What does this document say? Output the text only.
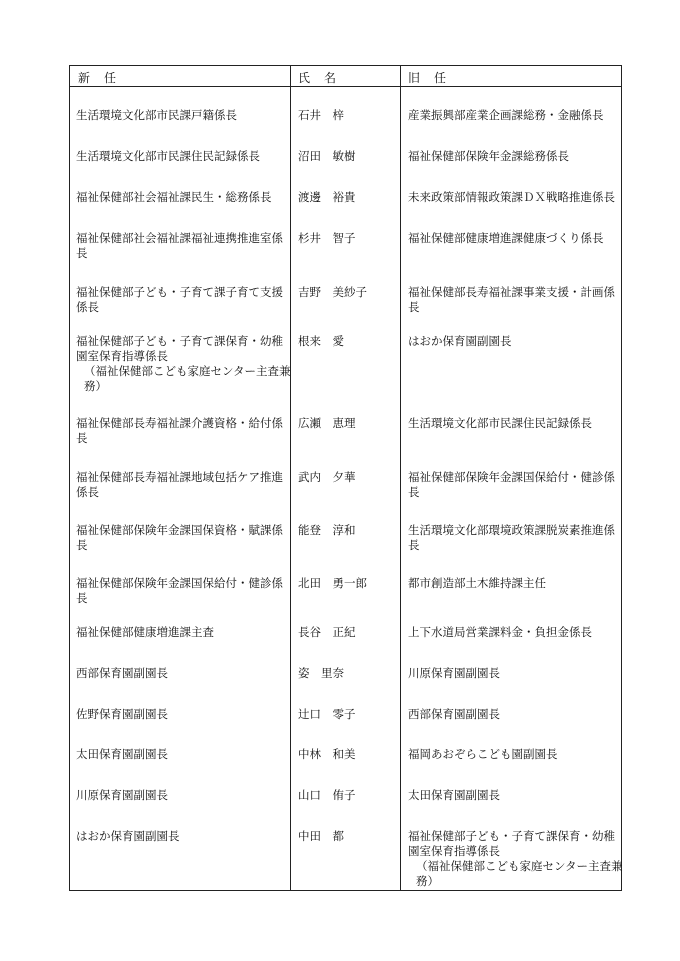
新　任	氏　名	旧　任
生活環境文化部市民課戸籍係長	石井　梓	産業振興部産業企画課総務・金融係長
生活環境文化部市民課住民記録係長	沼田　敏樹	福祉保健部保険年金課総務係長
福祉保健部社会福祉課民生・総務係長	渡邊　裕貴	未来政策部情報政策課ＤＸ戦略推進係長
福祉保健部社会福祉課福祉連携推進室係
長
杉井　智子	福祉保健部健康増進課健康づくり係長
福祉保健部子ども・子育て課子育て支援
係長
吉野　美紗子	福祉保健部長寿福祉課事業支援・計画係
長
福祉保健部子ども・子育て課保育・幼稚
園室保育指導係長
（福祉保健部こども家庭センター主査兼
務）
根来　愛	はおか保育園副園長
福祉保健部長寿福祉課介護資格・給付係
長
広瀬　恵理	生活環境文化部市民課住民記録係長
福祉保健部長寿福祉課地域包括ケア推進
係長
武内　夕華	福祉保健部保険年金課国保給付・健診係
長
福祉保健部保険年金課国保資格・賦課係
長
能登　淳和	生活環境文化部環境政策課脱炭素推進係
長
福祉保健部保険年金課国保給付・健診係
長
北田　勇一郎	都市創造部土木維持課主任
福祉保健部健康増進課主査	長谷　正紀	上下水道局営業課料金・負担金係長
西部保育園副園長	姿　里奈	川原保育園副園長
佐野保育園副園長	辻口　零子	西部保育園副園長
太田保育園副園長	中林　和美	福岡あおぞらこども園副園長
川原保育園副園長	山口　侑子	太田保育園副園長
はおか保育園副園長	中田　都	福祉保健部子ども・子育て課保育・幼稚
園室保育指導係長
（福祉保健部こども家庭センター主査兼
務）
